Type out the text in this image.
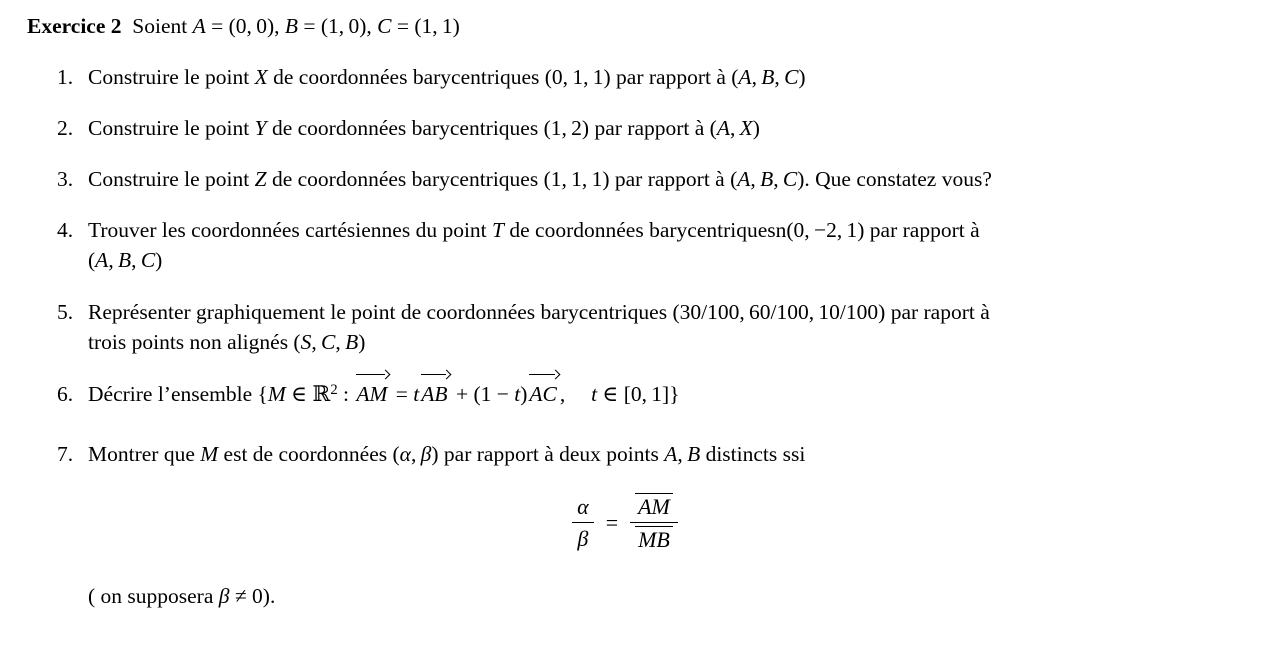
Exercice 2 Soient A = (0, 0), B = (1, 0), C = (1, 1)
1. Construire le point X de coordonnées barycentriques (0, 1, 1) par rapport à (A, B, C)
2. Construire le point Y de coordonnées barycentriques (1, 2) par rapport à (A, X)
3. Construire le point Z de coordonnées barycentriques (1, 1, 1) par rapport à (A, B, C). Que constatez vous?
4. Trouver les coordonnées cartésiennes du point T de coordonnées barycentriquesn(0, −2, 1) par rapport à
(A, B, C)
5. Représenter graphiquement le point de coordonnées barycentriques (30/100, 60/100, 10/100) par raport à
trois points non alignés (S, C, B)
6. Décrire l’ensemble {M ∈ ℝ$^2$ : AM = tAB + (1 − t)AC ,  t ∈ [0, 1]}
7. Montrer que M est de coordonnées (α, β) par rapport à deux points A, B distincts ssi
$\frac{\alpha}{\beta} = \frac{AM}{MB}$
( on supposera β ≠ 0).
